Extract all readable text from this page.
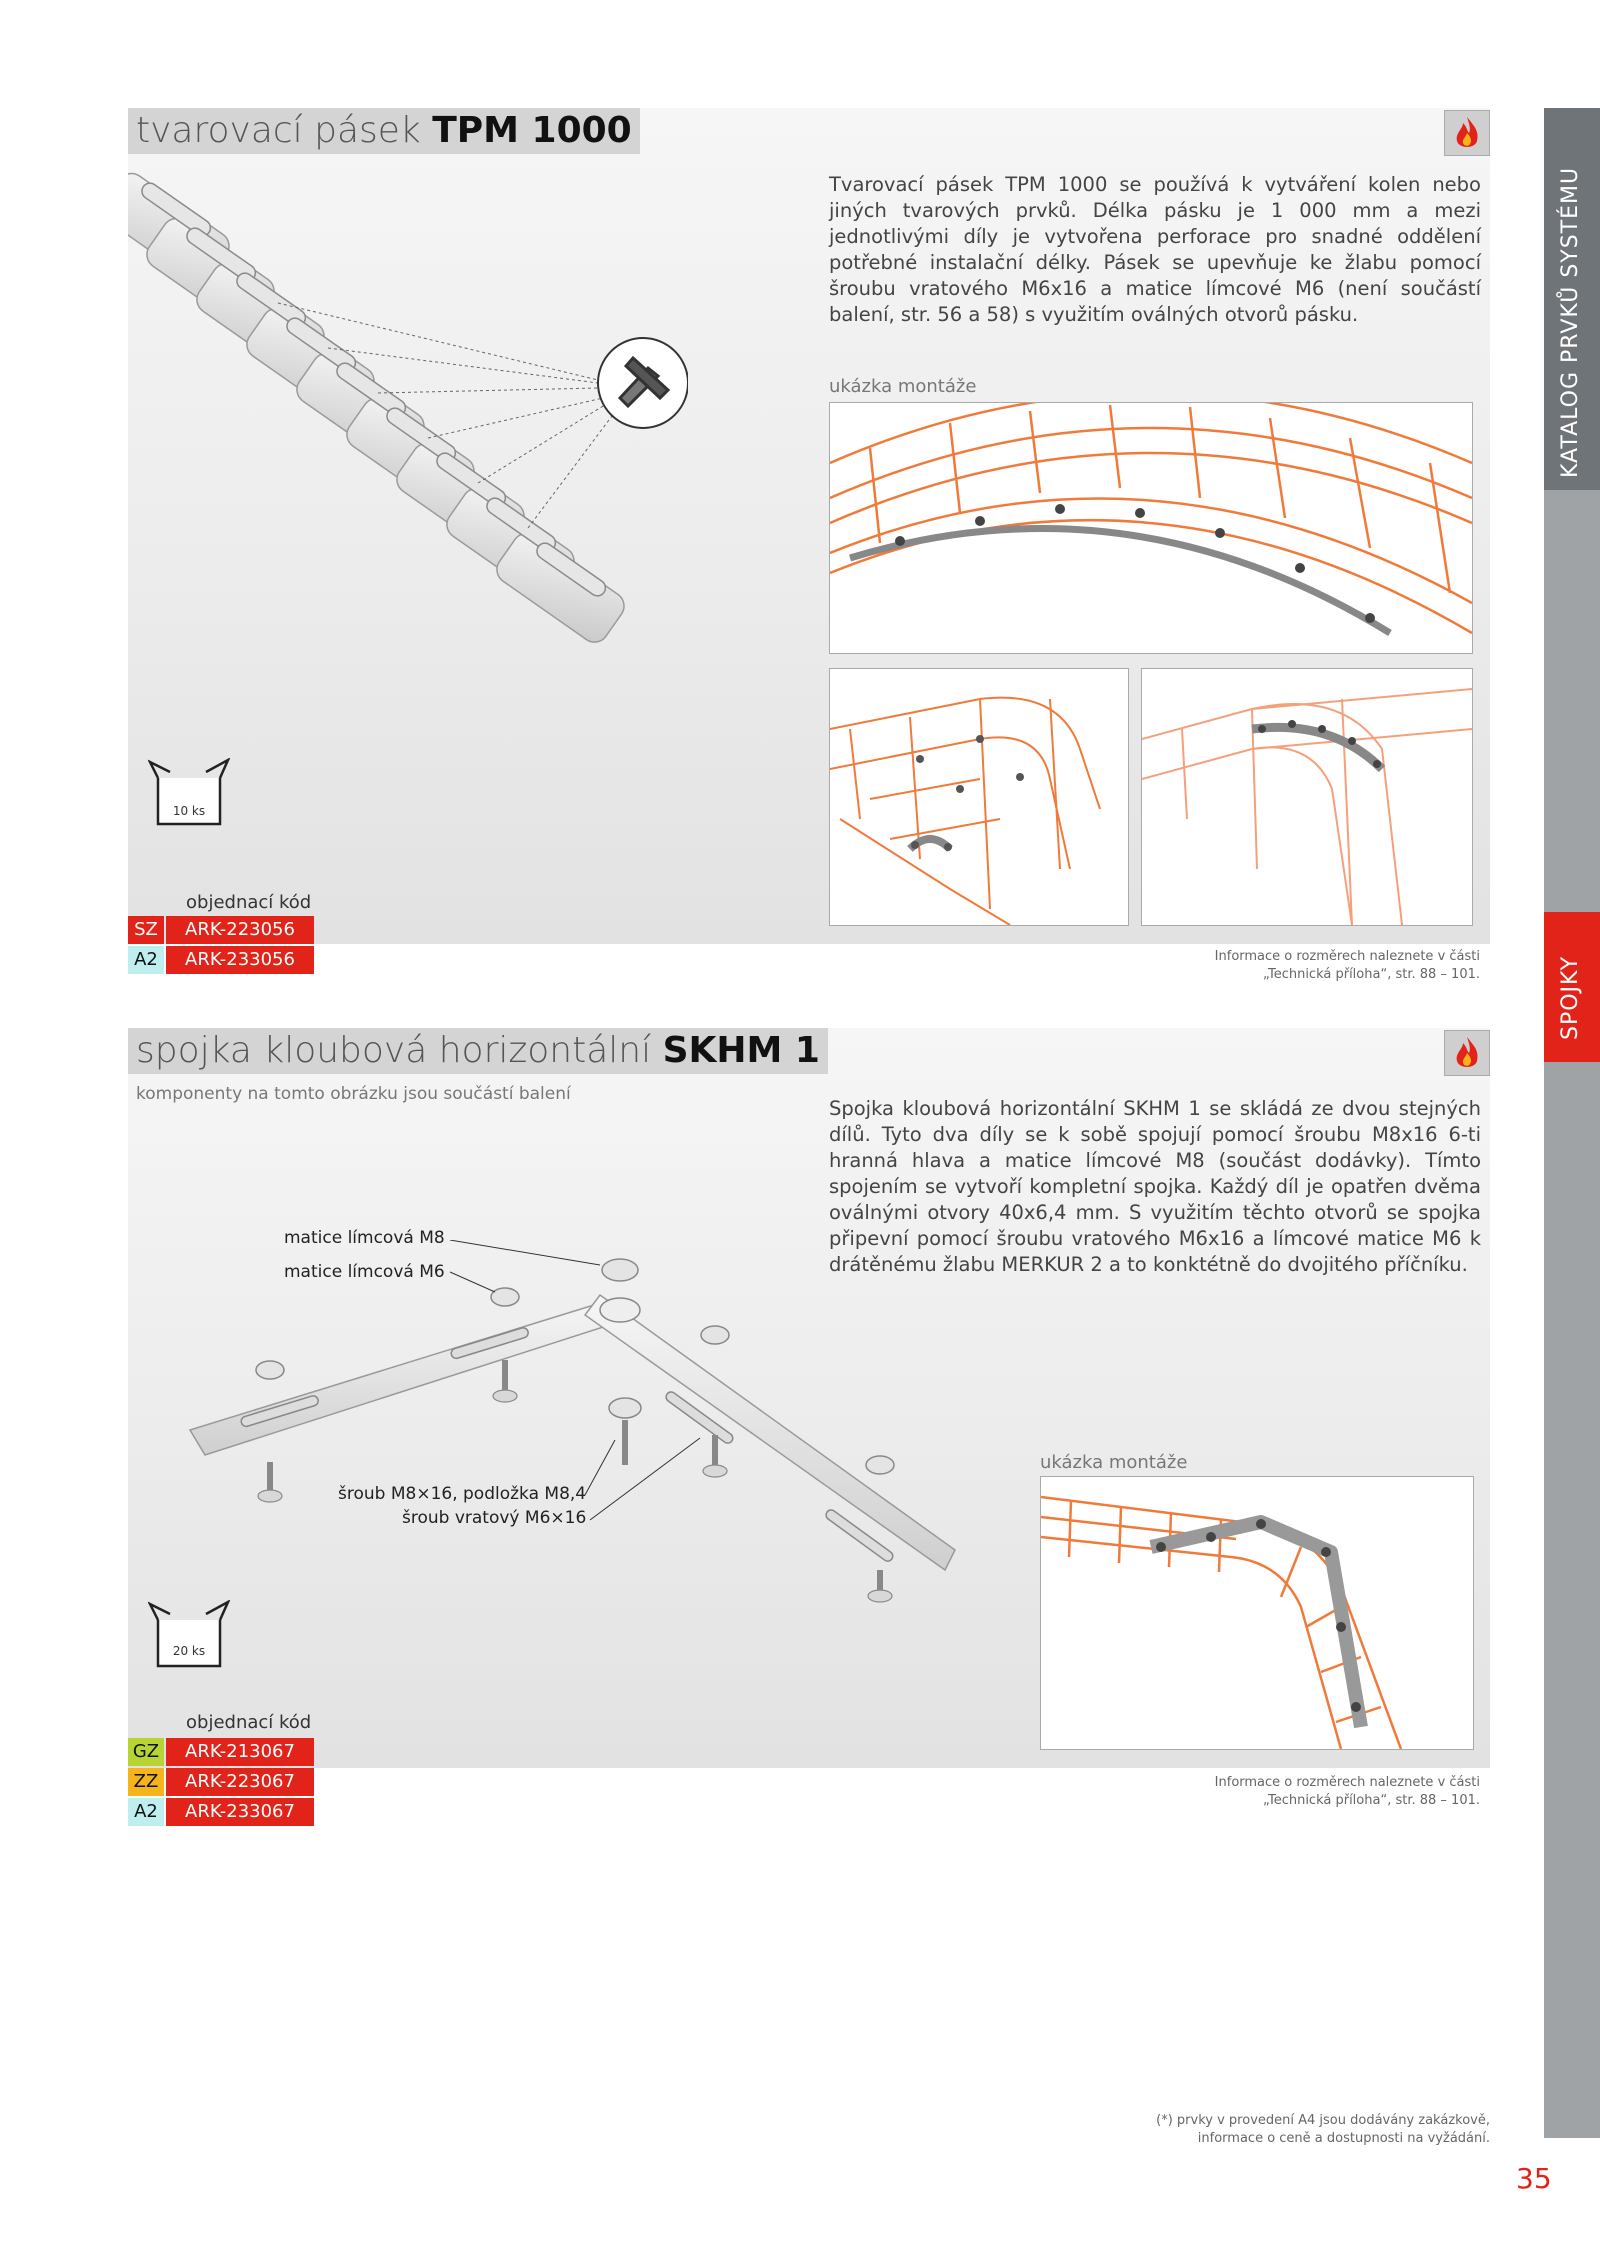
KATALOG PRVKŮ SYSTÉMU
SPOJKY
tvarovací pásek TPM 1000
Tvarovací pásek TPM 1000 se používá k vytváření kolen nebo jiných tvarových prvků. Délka pásku je 1 000 mm a mezi jednotlivými díly je vytvořena perforace pro snadné oddělení potřebné instalační délky. Pásek se upevňuje ke žlabu pomocí šroubu vratového M6x16 a matice límcové M6 (není součástí balení, str. 56 a 58) s využitím oválných otvorů pásku.
ukázka montáže
10 ks
objednací kód
SZ	ARK-223056
A2	ARK-233056	Informace o rozměrech naleznete v části
„Technická příloha“, str. 88 – 101.
spojka kloubová horizontální SKHM 1
komponenty na tomto obrázku jsou součástí balení
Spojka kloubová horizontální SKHM 1 se skládá ze dvou stejných dílů. Tyto dva díly se k sobě spojují pomocí šroubu M8x16 6-ti hranná hlava a matice límcové M8 (součást dodávky). Tímto spojením se vytvoří kompletní spojka. Každý díl je opatřen dvěma oválnými otvory 40x6,4 mm. S využitím těchto otvorů se spojka připevní pomocí šroubu vratového M6x16 a límcové matice M6 k drátěnému žlabu MERKUR 2 a to konktétně do dvojitého příčníku.
matice límcová M8
matice límcová M6
šroub M8×16, podložka M8,4
šroub vratový M6×16
ukázka montáže
20 ks
objednací kód
GZ	ARK-213067
ZZ	ARK-223067
A2	ARK-233067
Informace o rozměrech naleznete v části
„Technická příloha“, str. 88 – 101.
(*) prvky v provedení A4 jsou dodávány zakázkově,
informace o ceně a dostupnosti na vyžádání.
35
